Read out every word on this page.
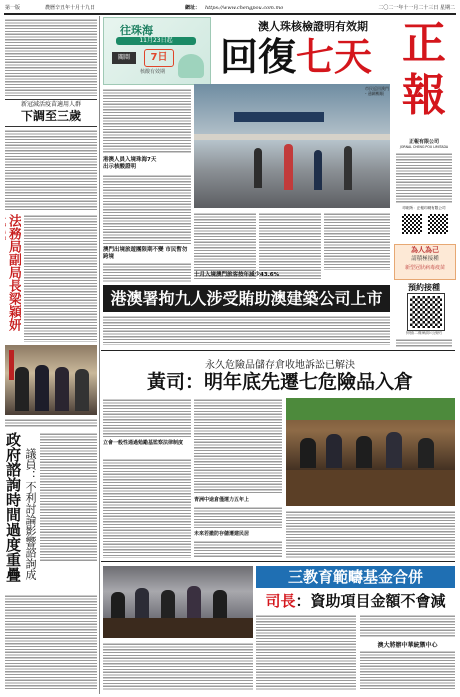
第一版	農曆辛丑年十月十九日	網址： https://www.chengpou.com.mo	二〇二一年十一月二十三日 星期二
新冠減活疫苗適用人群
下調至三歲
法務局副局長梁穎妍
政府諮詢時間過度重疊 議員：不利討論影響諮詢成
澳人珠核檢證明有效期
回復七天
往珠海
11月23日起
關閘	7日
核酸有效期
港澳人員入境珠海7天
出示核酸證明
澳門出境旅遊團限期不變 市民暫勿跨境
市民返回澳門 - 通關暢順
十月入境澳門旅客按年減少43.6%
正
報
正報有限公司
JORNAL CHENG POU LIMITADA
印刷所：正報印刷有限公司
為人為己
請積極接種
新型冠狀病毒疫苗
預約接種
掃描二維碼即可預約
港澳署拘九人涉受賄助澳建築公司上市
永久危險品儲存倉收地訴訟已解決
黃司：明年底先遷七危險品入倉
立會一般性通過勉勵基監察法律制度
青洲中途倉僅運力五年上
未來若撤防存儲遷建民居
三教育範疇基金合併
司長：資助項目金額不會減
澳大將辦中華統禦中心
